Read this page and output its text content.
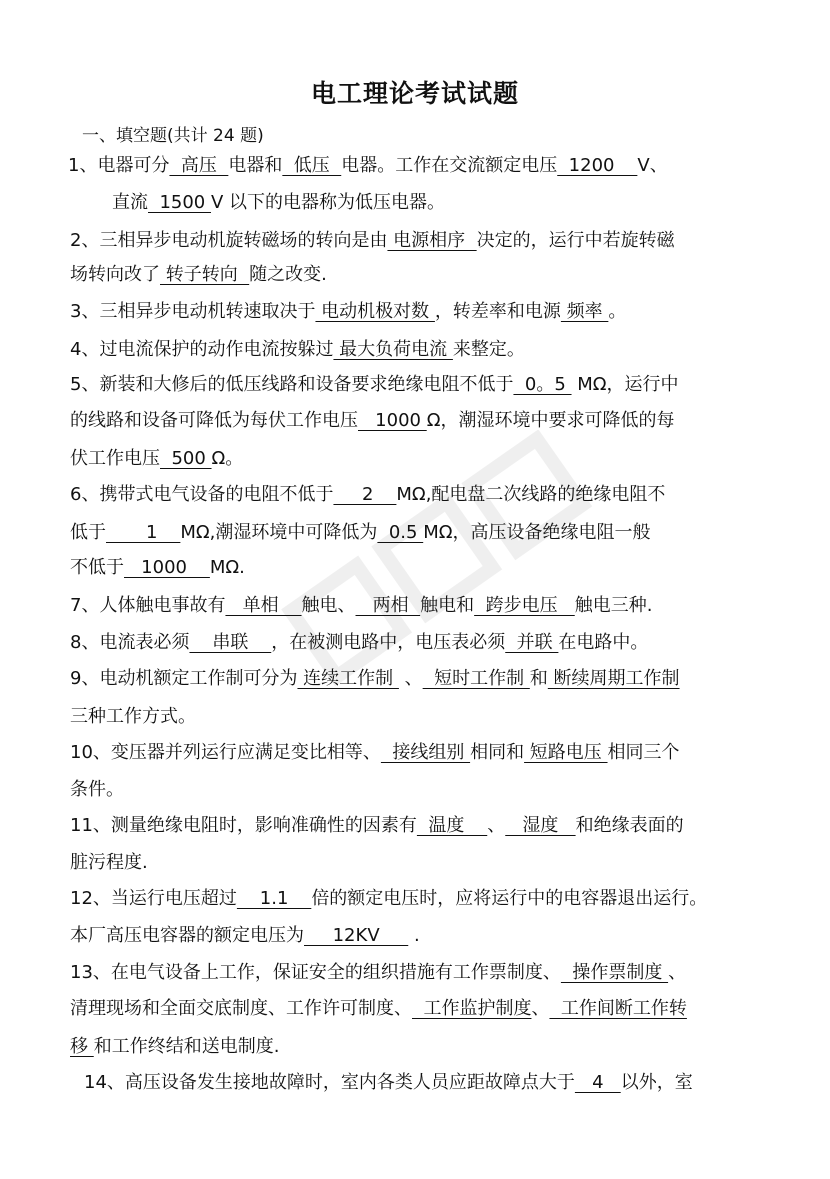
电工理论考试试题
一、填空题(共计 24 题)
1、电器可分  高压  电器和  低压  电器。工作在交流额定电压  1200    V、
直流  1500 V 以下的电器称为低压电器。
2、三相异步电动机旋转磁场的转向是由 电源相序  决定的，运行中若旋转磁
场转向改了 转子转向  随之改变.
3、三相异步电动机转速取决于 电动机极对数 ，转差率和电源 频率 。
4、过电流保护的动作电流按躲过 最大负荷电流 来整定。
5、新装和大修后的低压线路和设备要求绝缘电阻不低于  0。5  MΩ，运行中
的线路和设备可降低为每伏工作电压   1000 Ω，潮湿环境中要求可降低的每
伏工作电压  500 Ω。
6、携带式电气设备的电阻不低于     2    MΩ,配电盘二次线路的绝缘电阻不
低于       1    MΩ,潮湿环境中可降低为  0.5 MΩ，高压设备绝缘电阻一般
不低于   1000    MΩ.
7、人体触电事故有   单相    触电、   两相  触电和  跨步电压   触电三种.
8、电流表必须    串联    ，在被测电路中，电压表必须  并联 在电路中。
9、电动机额定工作制可分为 连续工作制  、  短时工作制 和 断续周期工作制
三种工作方式。
10、变压器并列运行应满足变比相等、  接线组别 相同和 短路电压 相同三个
条件。
11、测量绝缘电阻时，影响准确性的因素有  温度    、   湿度   和绝缘表面的
脏污程度.
12、当运行电压超过    1.1    倍的额定电压时，应将运行中的电容器退出运行。
本厂高压电容器的额定电压为     12KV      .
13、在电气设备上工作，保证安全的组织措施有工作票制度、  操作票制度 、
清理现场和全面交底制度、工作许可制度、  工作监护制度、  工作间断工作转
移 和工作终结和送电制度.
14、高压设备发生接地故障时，室内各类人员应距故障点大于   4   以外，室
